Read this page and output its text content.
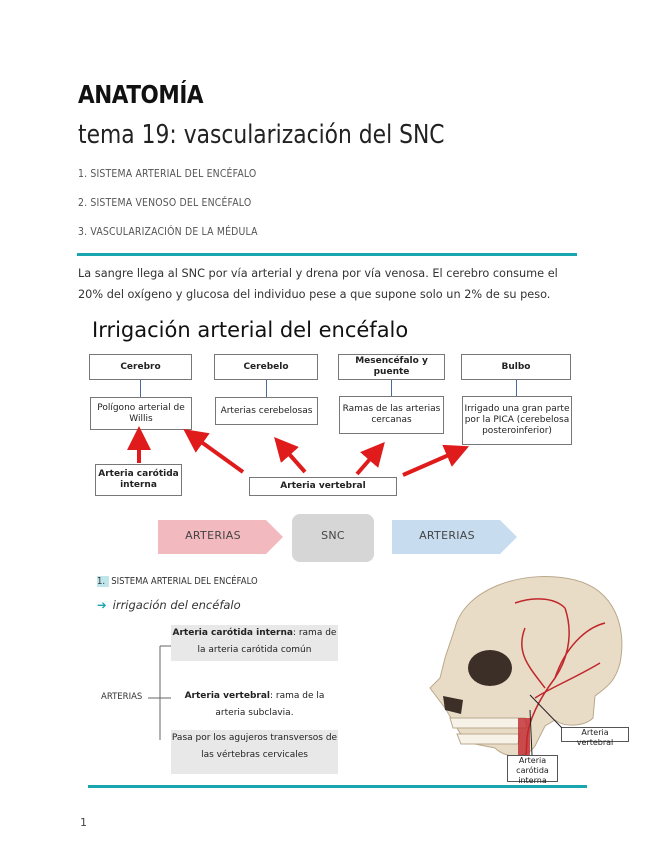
ANATOMÍA
tema 19: vascularización del SNC
1. SISTEMA ARTERIAL DEL ENCÉFALO
2. SISTEMA VENOSO DEL ENCÉFALO
3. VASCULARIZACIÓN DE LA MÉDULA
La sangre llega al SNC por vía arterial y drena por vía venosa. El cerebro consume el 20% del oxígeno y glucosa del individuo pese a que supone solo un 2% de su peso.
Irrigación arterial del encéfalo
Cerebro	Cerebelo
Mesencéfalo y puente
Bulbo
Polígono arterial de Willis
Arterias cerebelosas	Ramas de las arterias cercanas
Irrigado una gran parte por la PICA (cerebelosa posteroinferior)
Arteria carótida interna	Arteria vertebral
ARTERIAS	SNC	ARTERIAS
1. SISTEMA ARTERIAL DEL ENCÉFALO
➔ irrigación del encéfalo
ARTERIAS
Arteria carótida interna: rama de la arteria carótida común
Arteria vertebral: rama de la arteria subclavia.
Pasa por los agujeros transversos de las vértebras cervicales
Arteria vertebral
Arteria carótida interna
1
